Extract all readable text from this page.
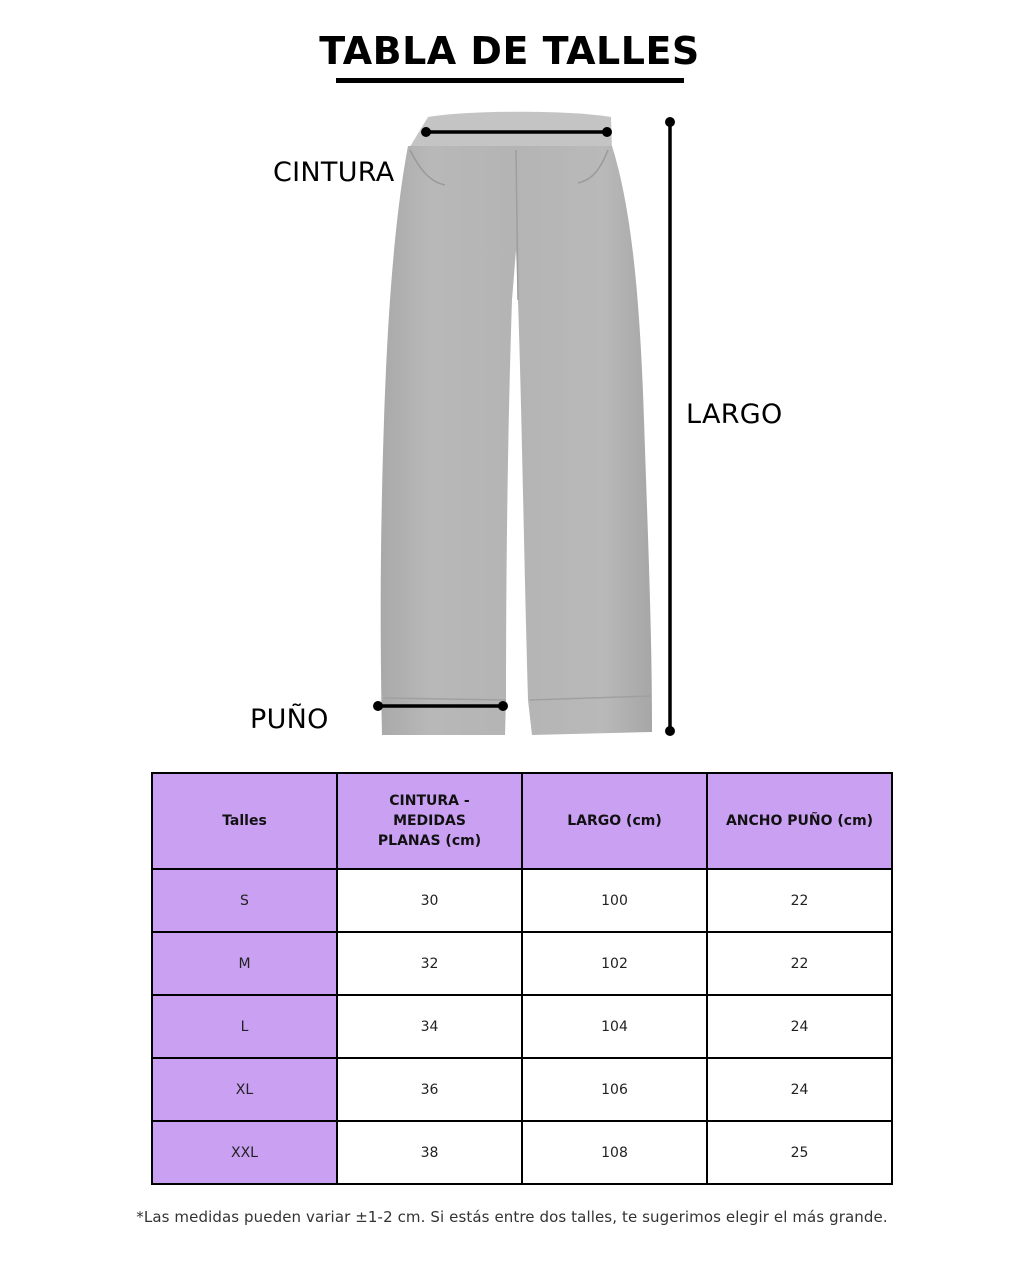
TABLA DE TALLES
CINTURA
LARGO
PUÑO
Talles	CINTURA - MEDIDAS PLANAS (cm)	LARGO (cm)	ANCHO PUÑO (cm)
S	30	100	22
M	32	102	22
L	34	104	24
XL	36	106	24
XXL	38	108	25
*Las medidas pueden variar ±1-2 cm. Si estás entre dos talles, te sugerimos elegir el más grande.
